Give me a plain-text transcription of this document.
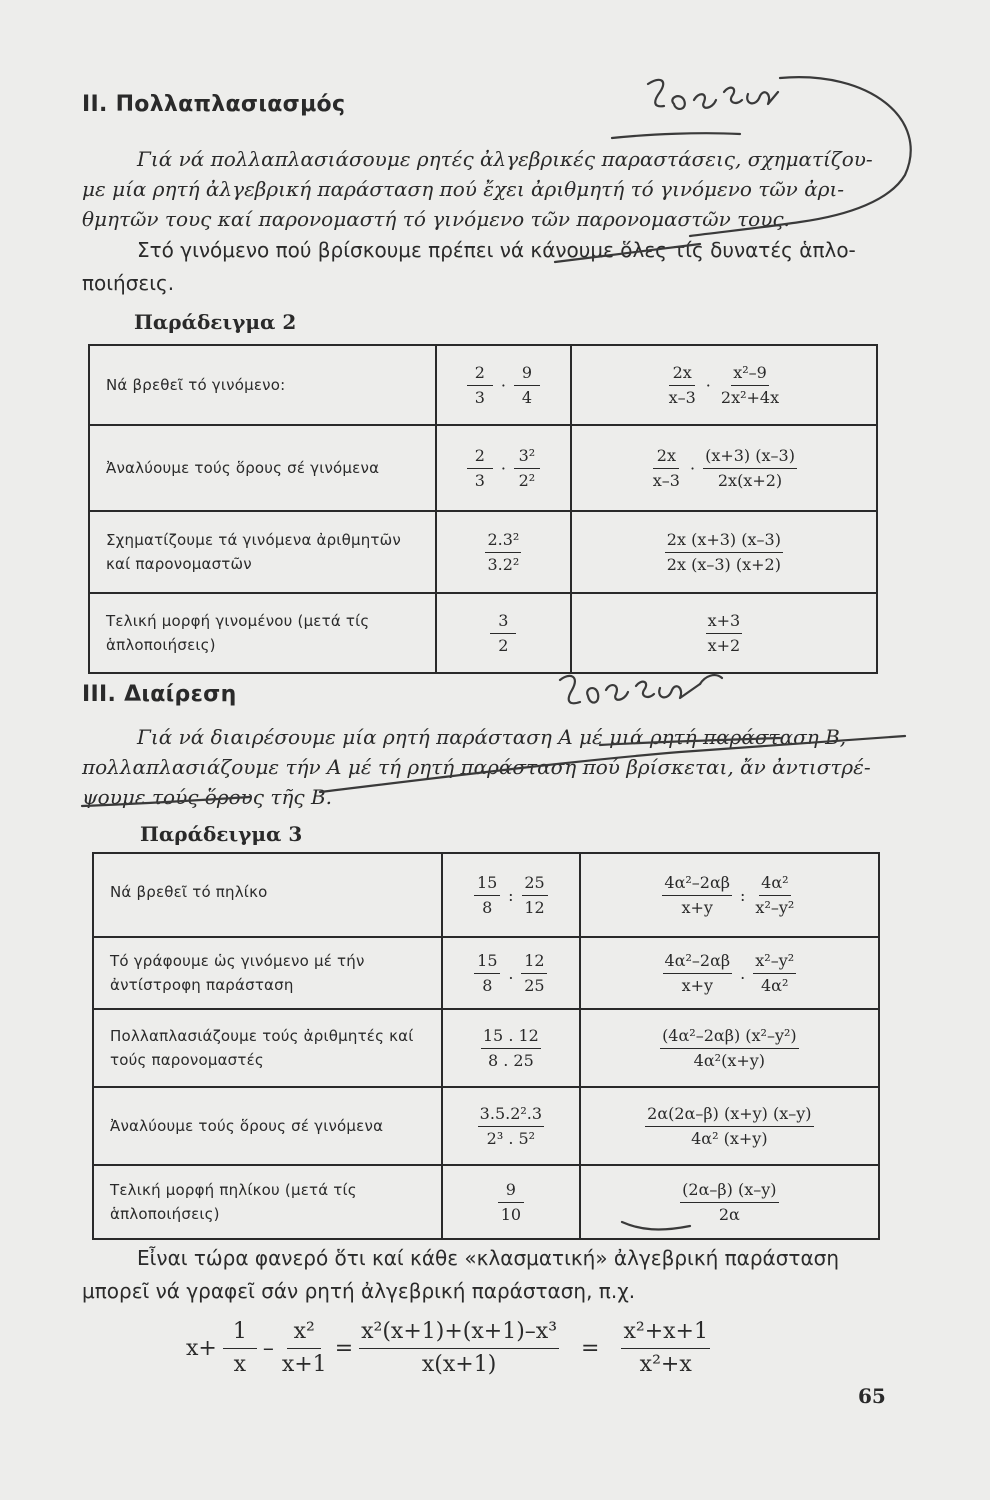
II. Πολλαπλασιασμός
Γιά νά πολλαπλασιάσουμε ρητές ἀλγεβρικές παραστάσεις, σχηματίζου-
με μία ρητή ἀλγεβρική παράσταση πού ἔχει ἀριθμητή τό γινόμενο τῶν ἀρι-
θμητῶν τους καί παρονομαστή τό γινόμενο τῶν παρονομαστῶν τους.
Στό γινόμενο πού βρίσκουμε πρέπει νά κάνουμε ὅλες τίς δυνατές ἁπλο-
ποιήσεις.
Παράδειγμα 2
Νά βρεθεῖ τό γινόμενο:	$\frac{2}{3} \cdot \frac{9}{4}$	$\frac{2x}{x-3} \cdot \frac{\text{x²–9}}{\text{2x²+4x}}$

Ἀναλύουμε τούς ὅρους σέ γινόμενα	$\frac{2}{3} \cdot \frac{\text{3²}}{\text{2²}}$	$\frac{2x}{x-3} \cdot \frac{(x+3) (x-3)}{2x(x+2)}$

Σχηματίζουμε τά γινόμενα ἀριθμητῶν καί παρονομαστῶν	$\frac{\text{2.3²}}{\text{3.2²}}$	$\frac{2x (x+3) (x-3)}{2x (x-3) (x+2)}$

Τελική μορφή γινομένου (μετά τίς ἁπλοποιήσεις)	$\frac{3}{2}$	$\frac{x+3}{x+2}$
III. Διαίρεση
Γιά νά διαιρέσουμε μία ρητή παράσταση Α μέ μιά ρητή παράσταση Β,
πολλαπλασιάζουμε τήν Α μέ τή ρητή παράσταση πού βρίσκεται, ἄν ἀντιστρέ-
ψουμε τούς ὅρους τῆς Β.
Παράδειγμα 3
Νά βρεθεῖ τό πηλίκο	$\frac{15}{8}$ : $\frac{25}{12}$	$\frac{\text{4α²–2αβ}}{x+y}$ : $\frac{\text{4α²}}{\text{x²–y²}}$

Τό γράφουμε ὡς γινόμενο μέ τήν ἀντίστροφη παράσταση	$\frac{15}{8}$ . $\frac{12}{25}$	$\frac{\text{4α²–2αβ}}{x+y}$ . $\frac{\text{x²–y²}}{\text{4α²}}$

Πολλαπλασιάζουμε τούς ἀριθμητές καί τούς παρονομαστές	$\frac{15 . 12}{8 . 25}$	$\frac{\text{(4α²–2αβ) (x²–y²)}}{\text{4α²(x+y)}}$

Ἀναλύουμε τούς ὅρους σέ γινόμενα	$\frac{\text{3.5.2².3}}{\text{2³ . 5²}}$	$\frac{2\alpha(2\alpha-\beta) (x+y) (x-y)}{\text{4α² (x+y)}}$

Τελική μορφή πηλίκου (μετά τίς ἁπλοποιήσεις)	$\frac{9}{10}$	$\frac{(2\alpha-\beta) (x-y)}{2\alpha}$
Εἶναι τώρα φανερό ὅτι καί κάθε «κλασματική» ἀλγεβρική παράσταση
μπορεῖ νά γραφεῖ σάν ρητή ἀλγεβρική παράσταση, π.χ.
$x+ \frac{1}{x} - \frac{\text{x²}}{x+1} = \frac{\text{x²(x+1)+(x+1)–x³}}{x(x+1)} = \frac{\text{x²+x+1}}{\text{x²+x}}$
65
